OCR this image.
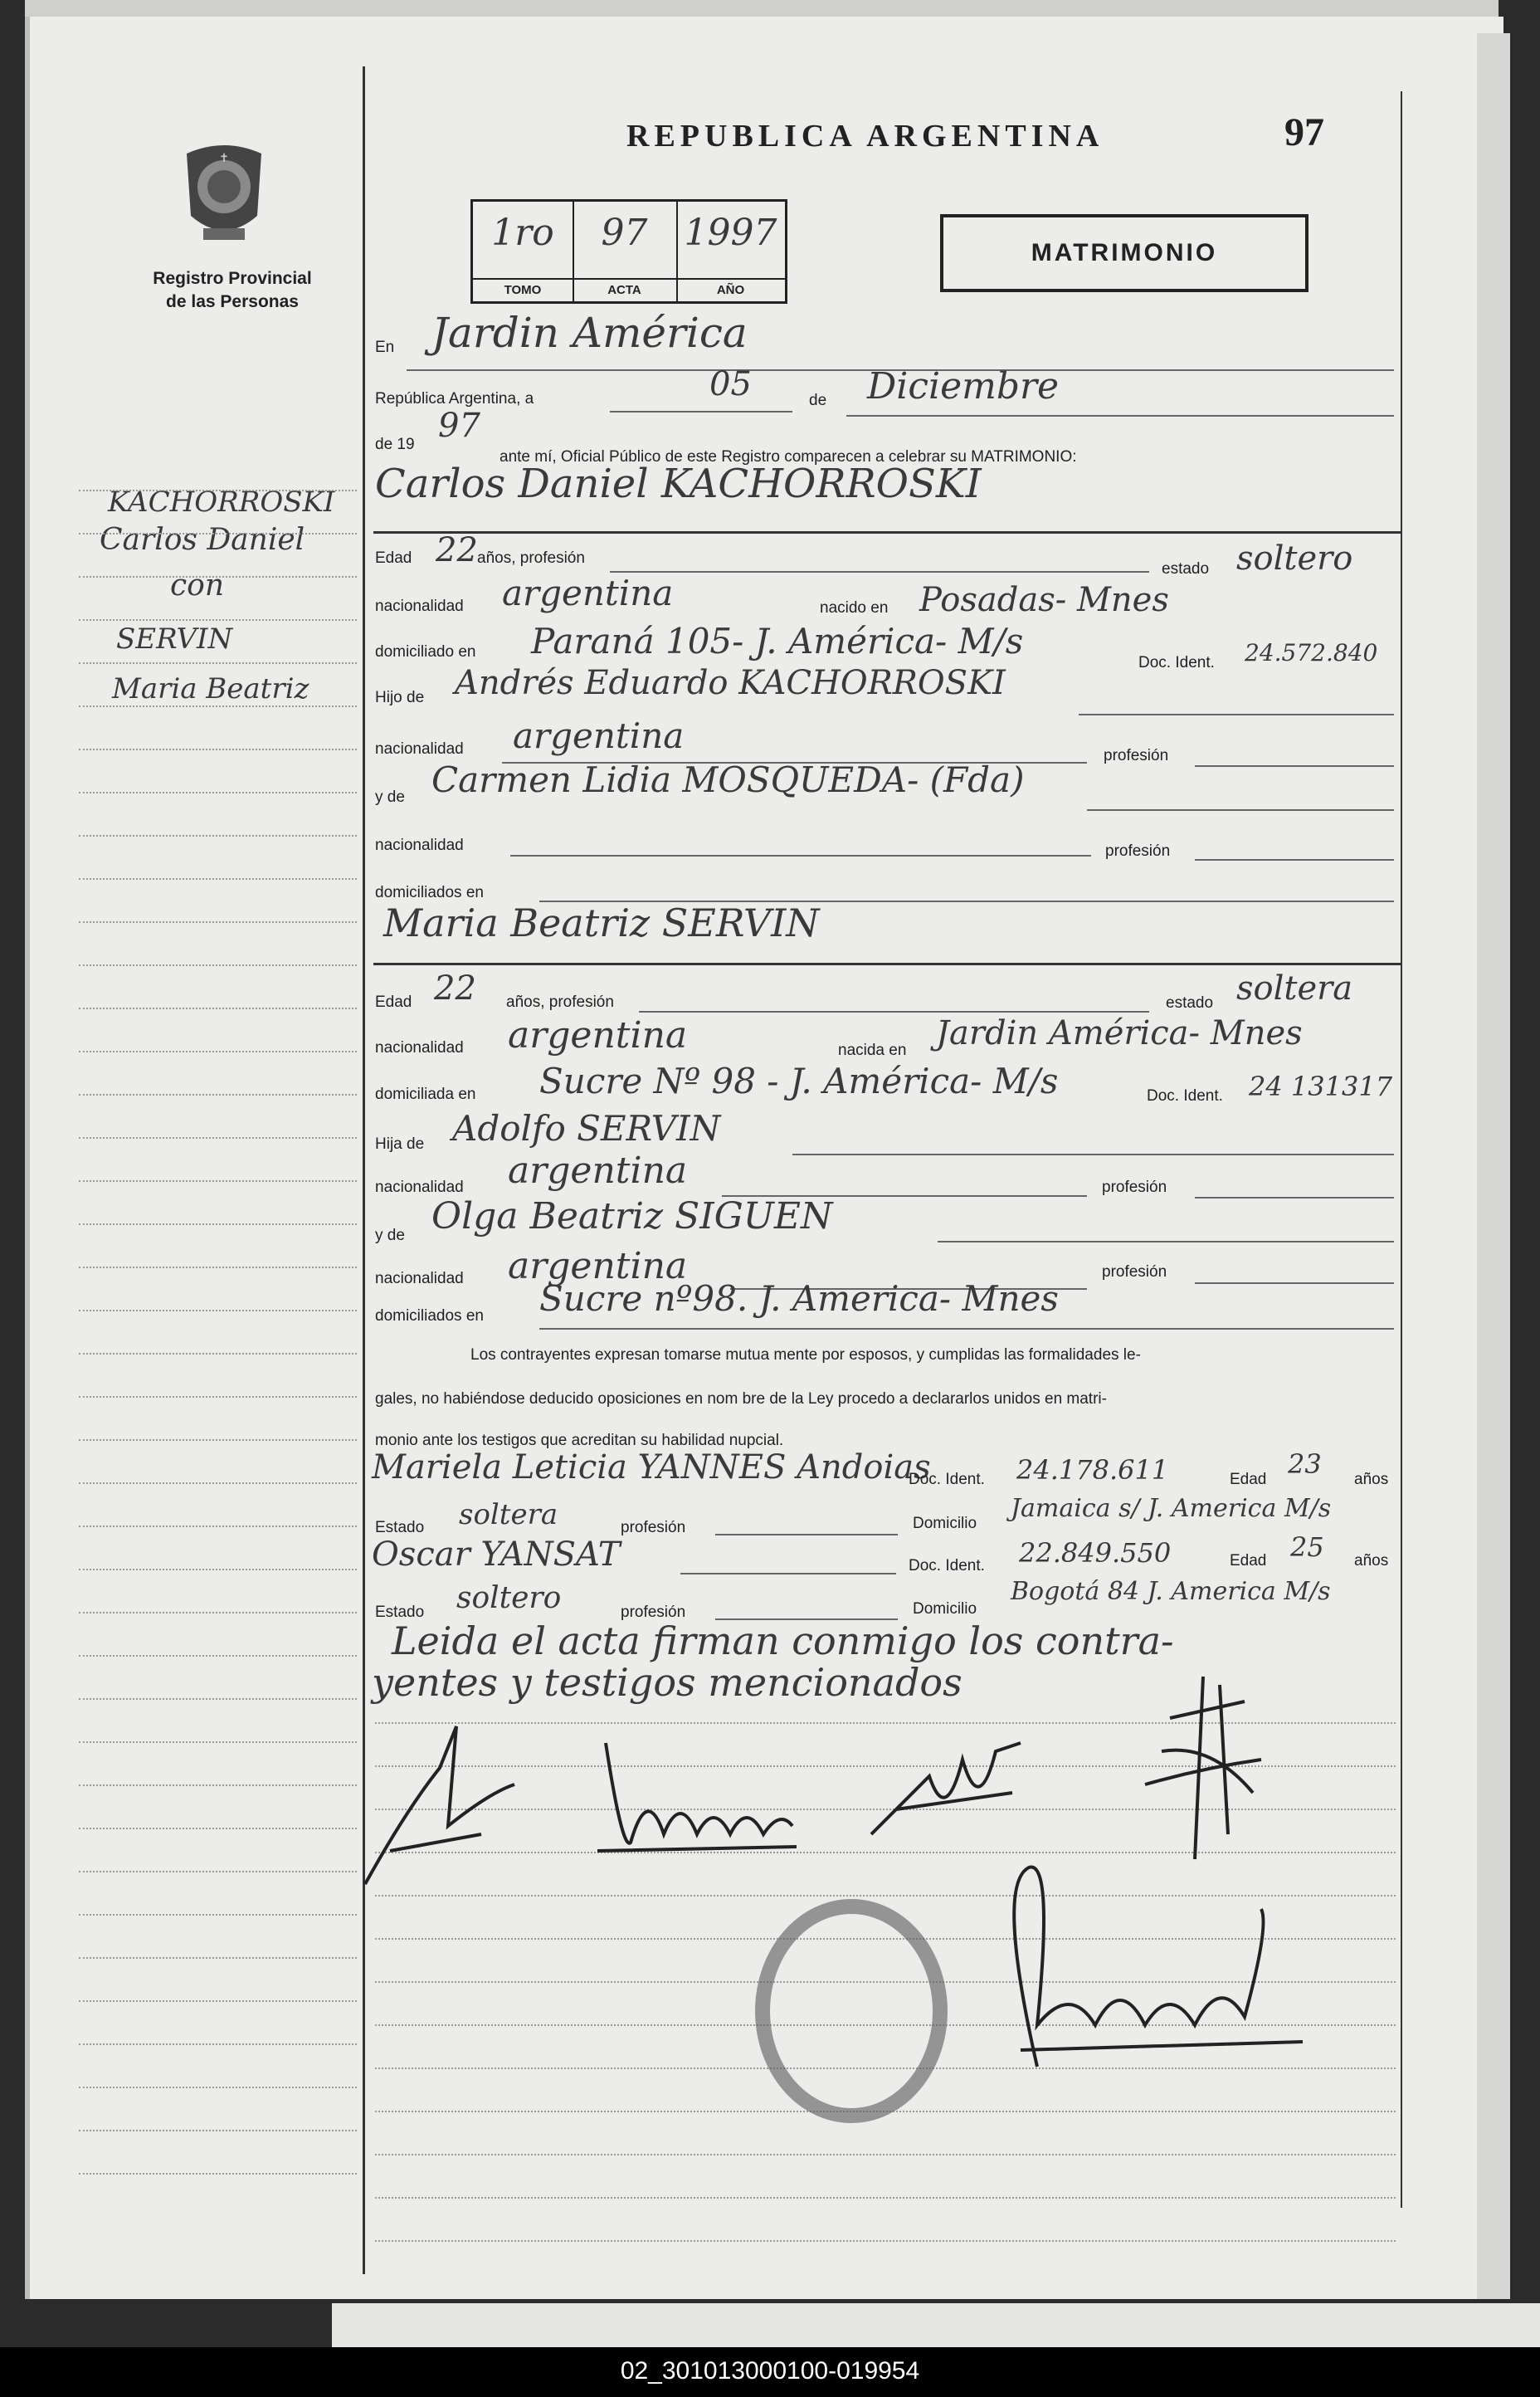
REPUBLICA ARGENTINA	97
✝
Registro Provincial
de las Personas
1ro
TOMO
97
ACTA
1997
AÑO
MATRIMONIO
KACHORROSKI
Carlos Daniel
con
SERVIN
Maria Beatriz
En Jardin América
República Argentina, a	05	de Diciembre
de 19 97
ante mí, Oficial Público de este Registro comparecen a celebrar su MATRIMONIO:
Carlos Daniel KACHORROSKI
Edad 22 años, profesión
estado soltero
nacionalidad argentina	nacido en Posadas- Mnes
domiciliado en Paraná 105- J. América- M/s
Doc. Ident. 24.572.840
Hijo de Andrés Eduardo KACHORROSKI
nacionalidad argentina	profesión
y de Carmen Lidia MOSQUEDA- (Fda)
nacionalidad	profesión
domiciliados en
Maria Beatriz SERVIN
Edad 22 años, profesión	estado soltera
nacionalidad argentina	nacida en Jardin América- Mnes
domiciliada en Sucre Nº 98 - J. América- M/s	Doc. Ident. 24 131317
Hija de Adolfo SERVIN
nacionalidad argentina	profesión
y de Olga Beatriz SIGUEN
nacionalidad argentina	profesión
domiciliados en Sucre nº98. J. America- Mnes
Los contrayentes expresan tomarse mutua mente por esposos, y cumplidas las formalidades le-
gales, no habiéndose deducido oposiciones en nom bre de la Ley procedo a declararlos unidos en matri-
monio ante los testigos que acreditan su habilidad nupcial.
Mariela Leticia YANNES Andoias
Doc. Ident. 24.178.611	Edad 23 años
Estado soltera	profesión	Domicilio
Jamaica s/ J. America M/s
Oscar YANSAT	Doc. Ident. 22.849.550	Edad 25 años
Estado soltero	profesión	Domicilio
Bogotá 84 J. America M/s
Leida el acta firman conmigo los contra-
yentes y testigos mencionados
02_301013000100-019954
